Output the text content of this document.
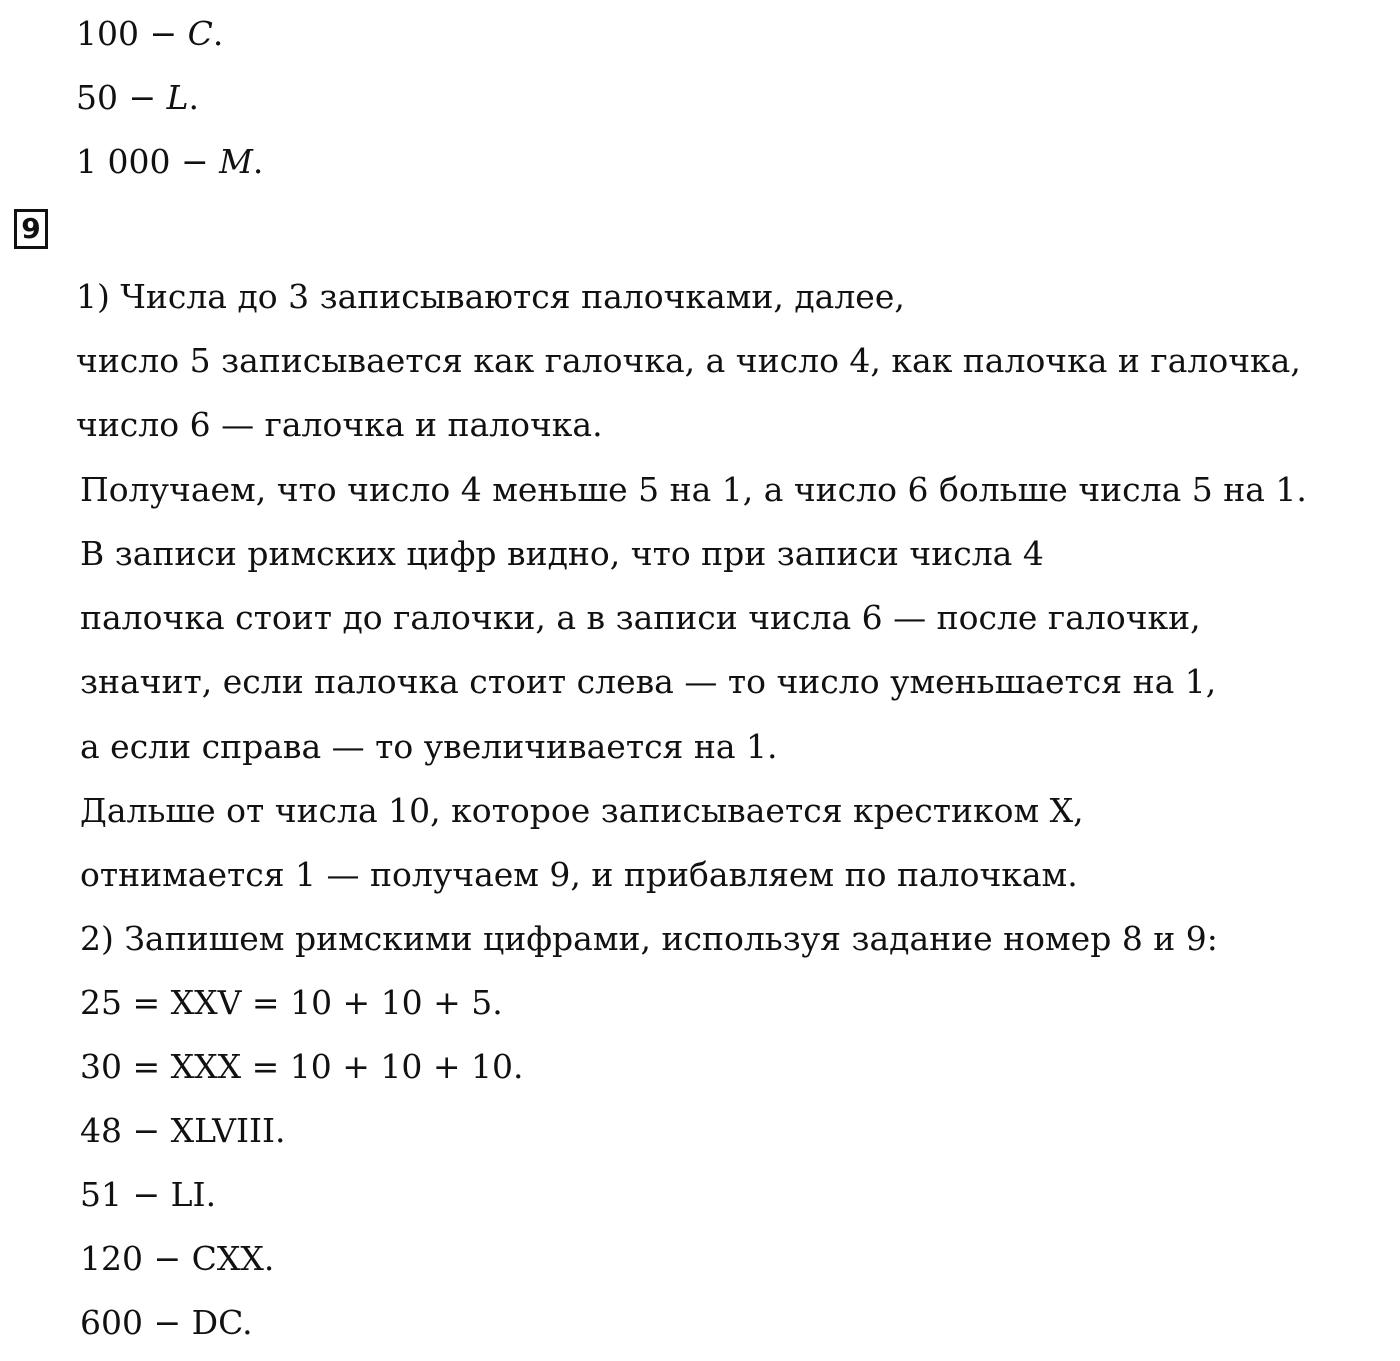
100 − C.
50 − L.
1 000 − M.
9
1) Числа до 3 записываются палочками, далее,
число 5 записывается как галочка, а число 4, как палочка и галочка,
число 6 — галочка и палочка.
Получаем, что число 4 меньше 5 на 1, а число 6 больше числа 5 на 1.
В записи римских цифр видно, что при записи числа 4
палочка стоит до галочки, а в записи числа 6 — после галочки,
значит, если палочка стоит слева — то число уменьшается на 1,
а если справа — то увеличивается на 1.
Дальше от числа 10, которое записывается крестиком X,
отнимается 1 — получаем 9, и прибавляем по палочкам.
2) Запишем римскими цифрами, используя задание номер 8 и 9:
25 = XXV = 10 + 10 + 5.
30 = XXX = 10 + 10 + 10.
48 − XLVIII.
51 − LI.
120 − CXX.
600 − DC.
